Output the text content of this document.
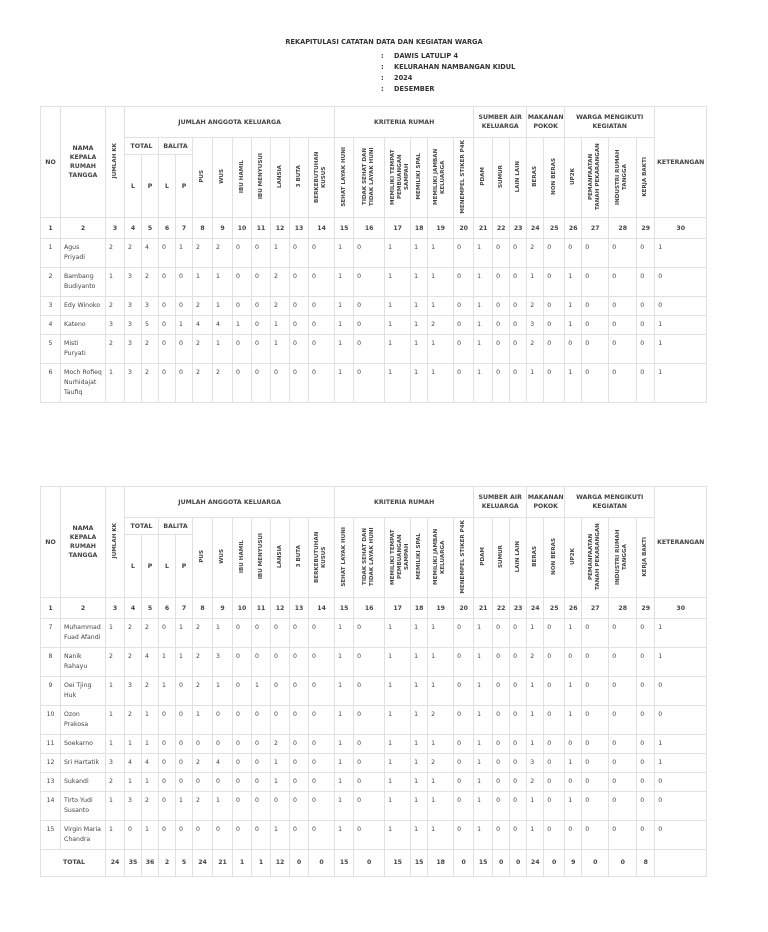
REKAPITULASI CATATAN DATA DAN KEGIATAN WARGA
: DAWIS LATULIP 4
: KELURAHAN NAMBANGAN KIDUL
: 2024
: DESEMBER
NO	NAMA KEPALA RUMAH TANGGA	JUMLAH KK	JUMLAH ANGGOTA KELUARGA											KRITERIA RUMAH						SUMBER AIR KELUARGA			MAKANAN POKOK		WARGA MENGIKUTI KEGIATAN				KETERANGAN	
			TOTAL		BALITA		PUS	WUS	IBU HAMIL	IBU MENYUSUI	LANSIA	3 BUTA	BERKEBUTUHAN KUSUS	SEHAT LAYAK HUNI	TIDAK SEHAT DAN TIDAK LAYAK HUNI	MEMILIKI TEMPAT PEMBUANGAN SAMPAH	MEMILIKI SPAL	MEMILIKI JAMBAN KELUARGA	MENEMPEL STIKER P4K	PDAM	SUMUR	LAIN LAIN	BERAS	NON BERAS	UP2K	PEMANFAATAN TANAH PEKARANGAN	INDUSTRI RUMAH TANGGA	KERJA BAKTI		
			L	P	L	P																								
1	2	3	4	5	6	7	8	9	10	11	12	13	14	15	16	17	18	19	20	21	22	23	24	25	26	27	28	29	30	
1	Agus Priyadi	2	2	4	0	1	2	2	0	0	1	0	0	1	0	1	1	1	0	1	0	0	2	0	0	0	0	0	1	
2	Bambang Budiyanto	1	3	2	0	0	1	1	0	0	2	0	0	1	0	1	1	1	0	1	0	0	1	0	1	0	0	0	0	
3	Edy Winoko	2	3	3	0	0	2	1	0	0	2	0	0	1	0	1	1	1	0	1	0	0	2	0	1	0	0	0	0	
4	Kateno	3	3	5	0	1	4	4	1	0	1	0	0	1	0	1	1	2	0	1	0	0	3	0	1	0	0	0	1	
5	Misti Puryati	2	3	2	0	0	2	1	0	0	1	0	0	1	0	1	1	1	0	1	0	0	2	0	0	0	0	0	1	
6	Moch Rofieq Nurhidajat Taufiq	1	3	2	0	0	2	2	0	0	0	0	0	1	0	1	1	1	0	1	0	0	1	0	1	0	0	0	1	
NO	NAMA KEPALA RUMAH TANGGA	JUMLAH KK	JUMLAH ANGGOTA KELUARGA											KRITERIA RUMAH						SUMBER AIR KELUARGA			MAKANAN POKOK		WARGA MENGIKUTI KEGIATAN				KETERANGAN	
			TOTAL		BALITA		PUS	WUS	IBU HAMIL	IBU MENYUSUI	LANSIA	3 BUTA	BERKEBUTUHAN KUSUS	SEHAT LAYAK HUNI	TIDAK SEHAT DAN TIDAK LAYAK HUNI	MEMILIKI TEMPAT PEMBUANGAN SAMPAH	MEMILIKI SPAL	MEMILIKI JAMBAN KELUARGA	MENEMPEL STIKER P4K	PDAM	SUMUR	LAIN LAIN	BERAS	NON BERAS	UP2K	PEMANFAATAN TANAH PEKARANGAN	INDUSTRI RUMAH TANGGA	KERJA BAKTI		
			L	P	L	P																								
1	2	3	4	5	6	7	8	9	10	11	12	13	14	15	16	17	18	19	20	21	22	23	24	25	26	27	28	29	30	
7	Muhammad Fuad Afandi	1	2	2	0	1	2	1	0	0	0	0	0	1	0	1	1	1	0	1	0	0	1	0	1	0	0	0	1	
8	Nanik Rahayu	2	2	4	1	1	2	3	0	0	0	0	0	1	0	1	1	1	0	1	0	0	2	0	0	0	0	0	1	
9	Oei Tjing Huk	1	3	2	1	0	2	1	0	1	0	0	0	1	0	1	1	1	0	1	0	0	1	0	1	0	0	0	0	
10	Ozon Prakosa	1	2	1	0	0	1	0	0	0	0	0	0	1	0	1	1	2	0	1	0	0	1	0	1	0	0	0	0	
11	Soekarno	1	1	1	0	0	0	0	0	0	2	0	0	1	0	1	1	1	0	1	0	0	1	0	0	0	0	0	1	
12	Sri Hartatik	3	4	4	0	0	2	4	0	0	1	0	0	1	0	1	1	2	0	1	0	0	3	0	1	0	0	0	1	
13	Sukandi	2	1	1	0	0	0	0	0	0	1	0	0	1	0	1	1	1	0	1	0	0	2	0	0	0	0	0	0	
14	Tirto Yudi Susanto	1	3	2	0	1	2	1	0	0	0	0	0	1	0	1	1	1	0	1	0	0	1	0	1	0	0	0	0	
15	Virgin Maria Chandra	1	0	1	0	0	0	0	0	0	1	0	0	1	0	1	1	1	0	1	0	0	1	0	0	0	0	0	0	
TOTAL		24	35	36	2	5	24	21	1	1	12	0	0	15	0	15	15	18	0	15	0	0	24	0	9	0	0	8		
